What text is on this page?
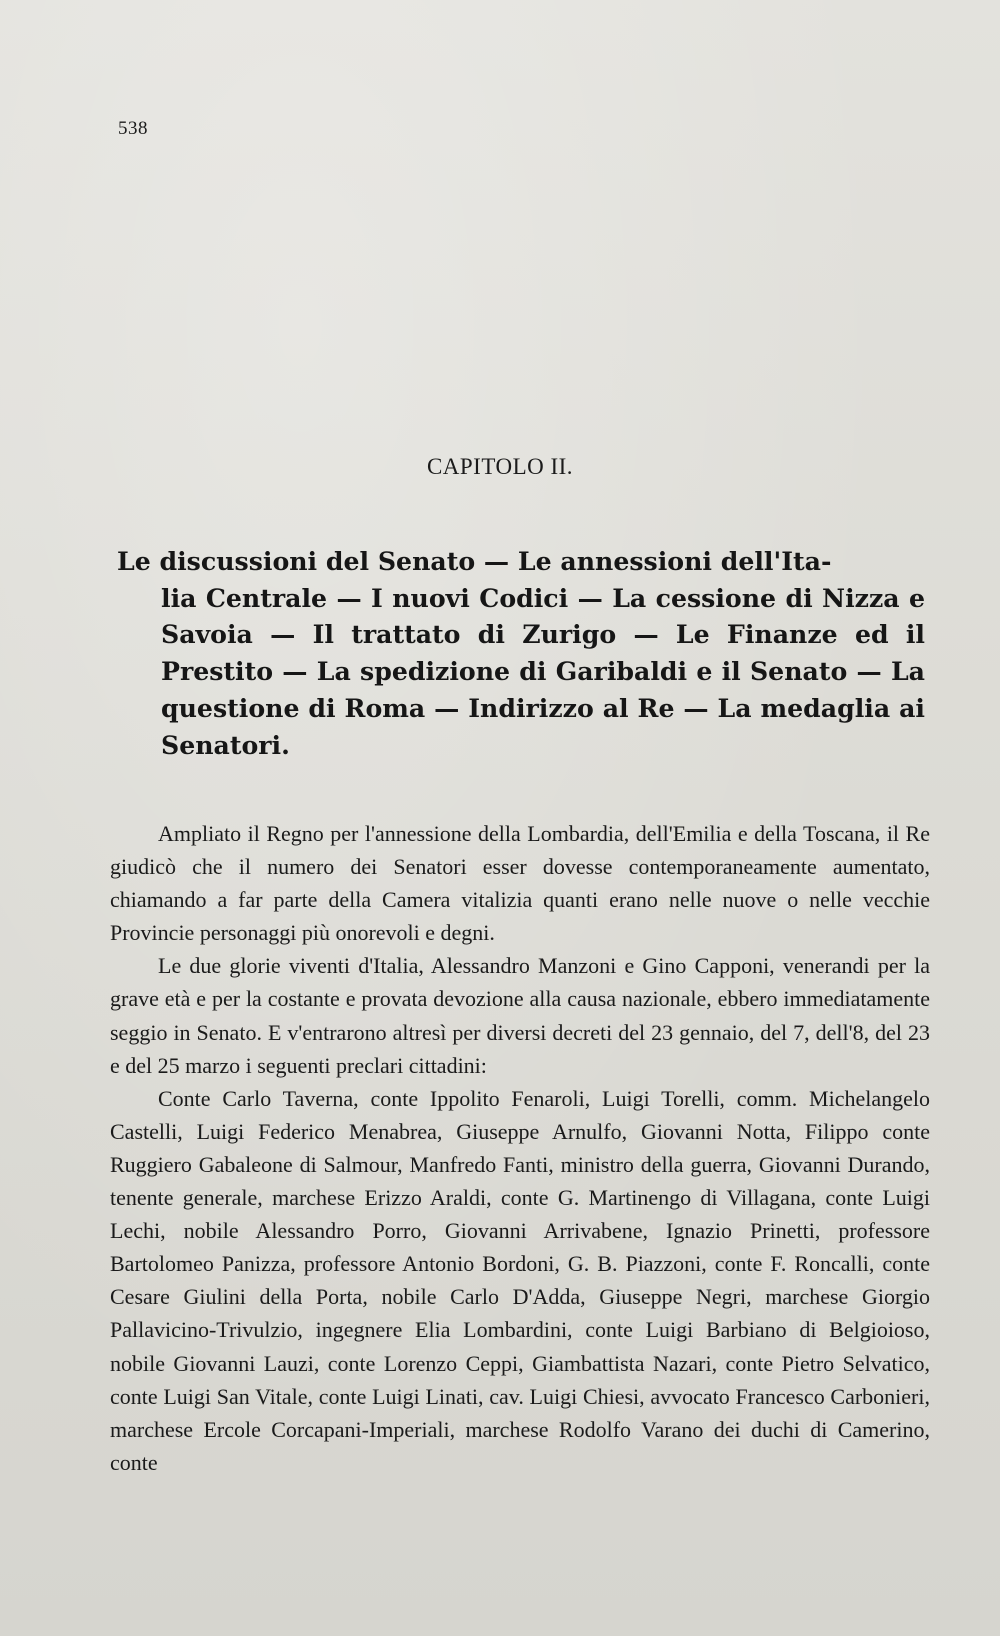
538

CAPITOLO II.

Le discussioni del Senato — Le annessioni dell'Ita-
lia Centrale — I nuovi Codici — La cessione di Nizza e Savoia — Il trattato di Zurigo — Le Finanze ed il Prestito — La spedizione di Garibaldi e il Senato — La questione di Roma — Indirizzo al Re — La medaglia ai Senatori.

Ampliato il Regno per l'annessione della Lombardia, dell'Emilia e della Toscana, il Re giudicò che il numero dei Senatori esser dovesse contemporaneamente aumentato, chiamando a far parte della Camera vitalizia quanti erano nelle nuove o nelle vecchie Provincie personaggi più onorevoli e degni.

Le due glorie viventi d'Italia, Alessandro Manzoni e Gino Capponi, venerandi per la grave età e per la costante e provata devozione alla causa nazionale, ebbero immediatamente seggio in Senato. E v'entrarono altresì per diversi decreti del 23 gennaio, del 7, dell'8, del 23 e del 25 marzo i seguenti preclari cittadini:

Conte Carlo Taverna, conte Ippolito Fenaroli, Luigi Torelli, comm. Michelangelo Castelli, Luigi Federico Menabrea, Giuseppe Arnulfo, Giovanni Notta, Filippo conte Ruggiero Gabaleone di Salmour, Manfredo Fanti, ministro della guerra, Giovanni Durando, tenente generale, marchese Erizzo Araldi, conte G. Martinengo di Villagana, conte Luigi Lechi, nobile Alessandro Porro, Giovanni Arrivabene, Ignazio Prinetti, professore Bartolomeo Panizza, professore Antonio Bordoni, G. B. Piazzoni, conte F. Roncalli, conte Cesare Giulini della Porta, nobile Carlo D'Adda, Giuseppe Negri, marchese Giorgio Pallavicino-Trivulzio, ingegnere Elia Lombardini, conte Luigi Barbiano di Belgioioso, nobile Giovanni Lauzi, conte Lorenzo Ceppi, Giambattista Nazari, conte Pietro Selvatico, conte Luigi San Vitale, conte Luigi Linati, cav. Luigi Chiesi, avvocato Francesco Carbonieri, marchese Ercole Corcapani-Imperiali, marchese Rodolfo Varano dei duchi di Camerino, conte
